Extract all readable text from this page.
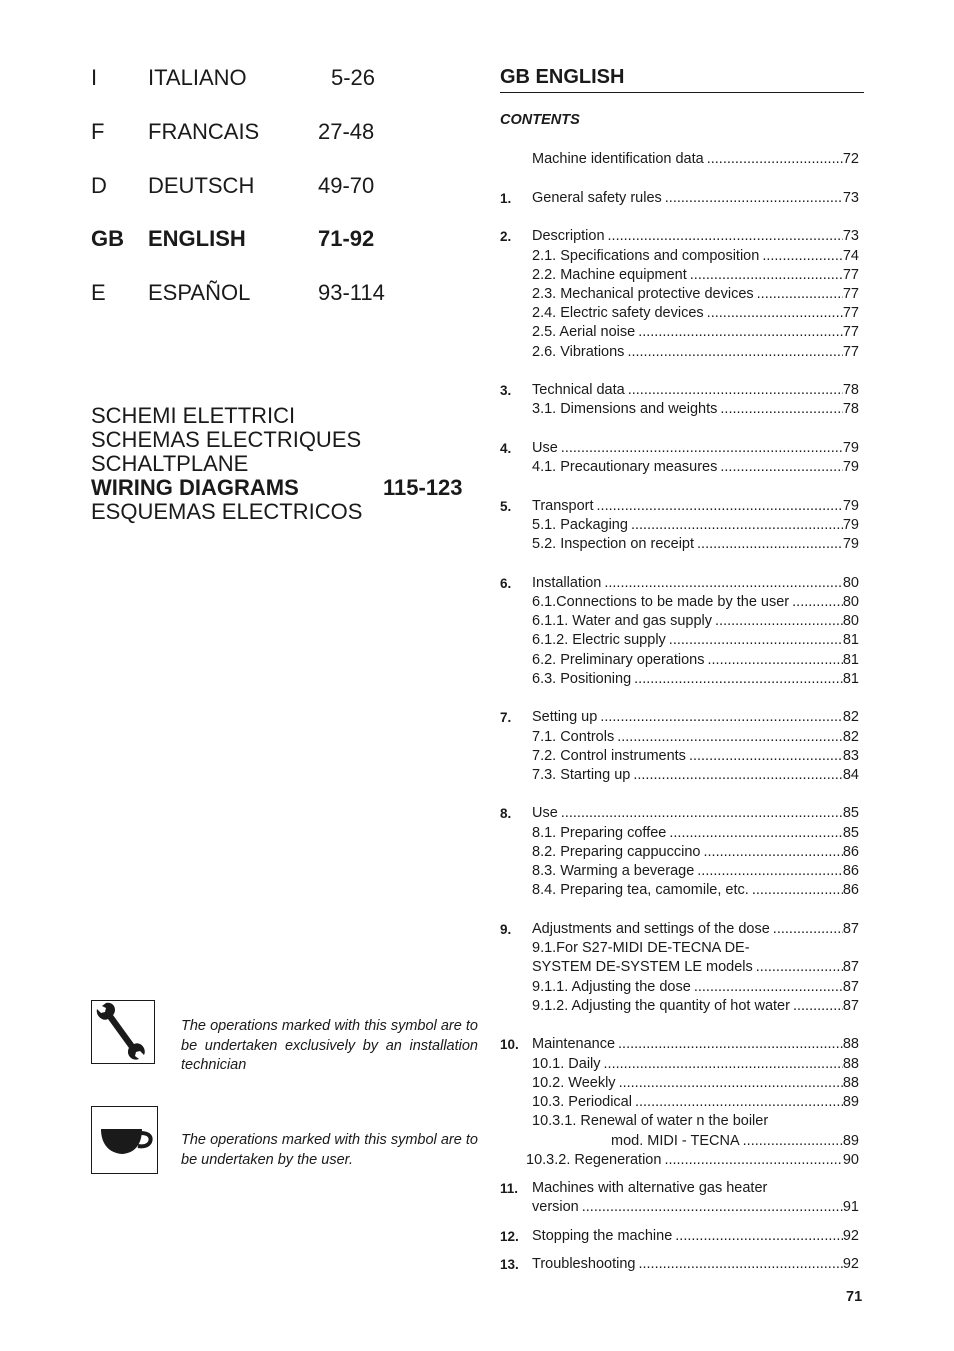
I ITALIANO	5-26
F FRANCAIS	27-48
D DEUTSCH	49-70
GB ENGLISH	71-92
E ESPAÑOL	93-114
SCHEMI ELETTRICI
SCHEMAS ELECTRIQUES
SCHALTPLANE
WIRING DIAGRAMS	115-123
ESQUEMAS ELECTRICOS
The operations marked with this symbol are to be undertaken exclusively by an installation technician
The operations marked with this symbol are to be undertaken by the user.
GB ENGLISH
CONTENTS
Machine identification data .....	72
1. General safety rules .....	73
2. Description .....	73
2.1. Specifications and composition .....	74
2.2. Machine equipment .....	77
2.3. Mechanical protective devices .....	77
2.4. Electric safety devices .....	77
2.5. Aerial noise .....	77
2.6. Vibrations .....	77
3. Technical data .....	78
3.1. Dimensions and weights .....	78
4. Use .....	79
4.1. Precautionary measures .....	79
5. Transport .....	79
5.1. Packaging .....	79
5.2. Inspection on receipt .....	79
6. Installation .....	80
6.1.Connections to be made by the user .....	80
6.1.1. Water and gas supply .....	80
6.1.2. Electric supply .....	81
6.2. Preliminary operations .....	81
6.3. Positioning .....	81
7. Setting up .....	82
7.1. Controls .....	82
7.2. Control instruments .....	83
7.3. Starting up .....	84
8. Use .....	85
8.1. Preparing coffee .....	85
8.2. Preparing cappuccino .....	86
8.3. Warming a beverage .....	86
8.4. Preparing tea, camomile, etc. .....	86
9. Adjustments and settings of the dose .....	87
9.1.For S27-MIDI DE-TECNA DE-
SYSTEM DE-SYSTEM LE models .....	87
9.1.1. Adjusting the dose .....	87
9.1.2. Adjusting the quantity of hot water .....	87
10. Maintenance .....	88
10.1. Daily .....	88
10.2. Weekly .....	88
10.3. Periodical .....	89
10.3.1. Renewal of water n the boiler
mod. MIDI - TECNA .....	89
10.3.2. Regeneration .....	90
11. Machines with alternative gas heater
version .....	91
12. Stopping the machine .....	92
13. Troubleshooting .....	92
71
